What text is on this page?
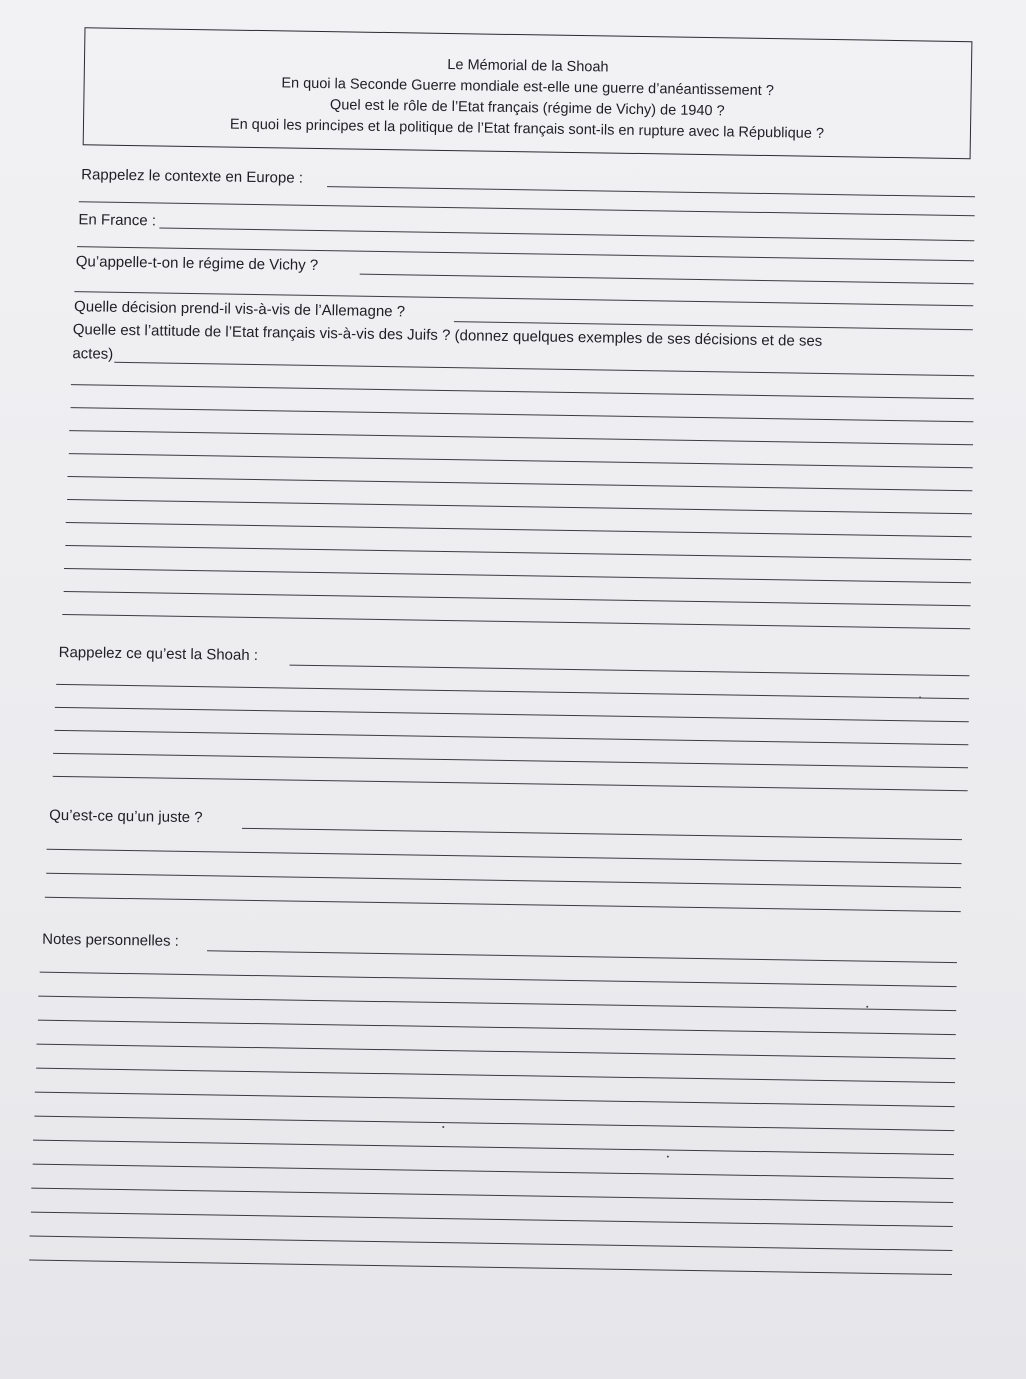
Le Mémorial de la Shoah
En quoi la Seconde Guerre mondiale est-elle une guerre d’anéantissement ?
Quel est le rôle de l’Etat français (régime de Vichy) de 1940 ?
En quoi les principes et la politique de l’Etat français sont-ils en rupture avec la République ?
Rappelez le contexte en Europe :
En France :
Qu’appelle-t-on le régime de Vichy ?
Quelle décision prend-il vis-à-vis de l’Allemagne ?
Quelle est l’attitude de l’Etat français vis-à-vis des Juifs ? (donnez quelques exemples de ses décisions et de ses
actes)
Rappelez ce qu’est la Shoah :
Qu’est-ce qu’un juste ?
Notes personnelles :
